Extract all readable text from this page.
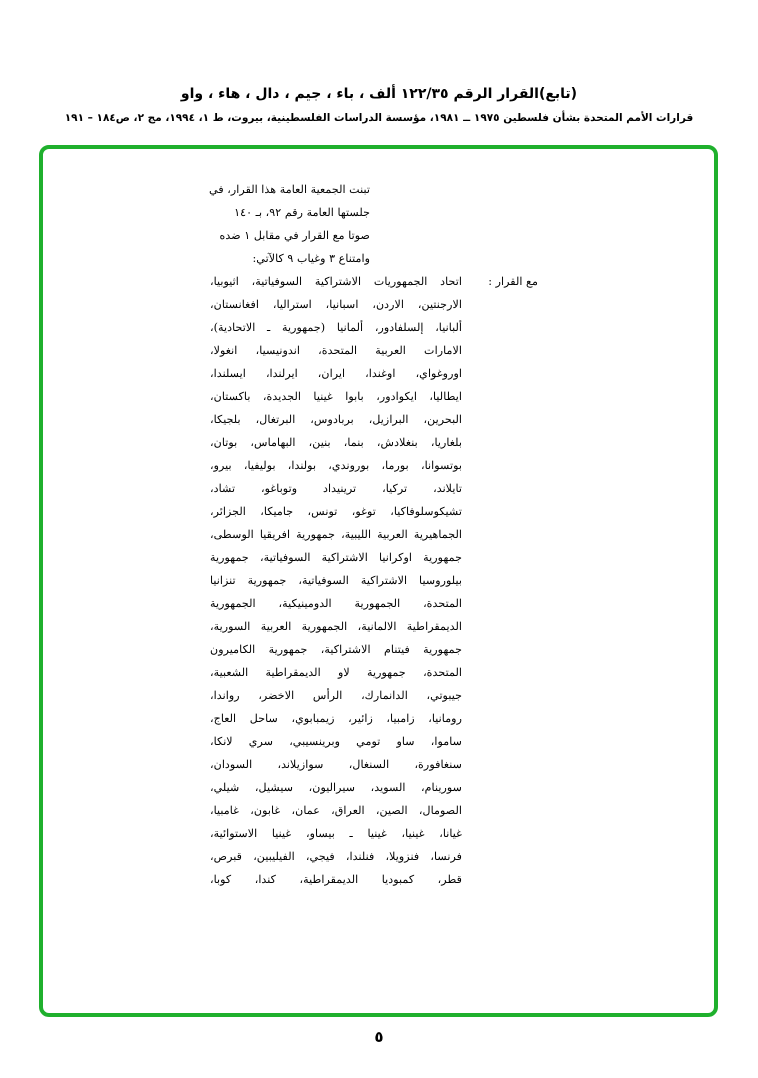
(تابع)القرار الرقم ١٢٢/٣٥ ألف ، باء ، جيم ، دال ، هاء ، واو
قرارات الأمم المتحدة بشأن فلسطين ١٩٧٥ ــ ١٩٨١، مؤسسة الدراسات الفلسطينية، بيروت، ط ١، ١٩٩٤، مج ٢، ص١٨٤ – ١٩١
تبنت الجمعية العامة هذا القرار، في
جلستها العامة رقم ٩٢، بـ ١٤٠
صوتا مع القرار في مقابل ١ ضده
وامتناع ٣ وغياب ٩ كالآتي:
مع القرار :
اتحاد الجمهوريات الاشتراكية السوفياتية، اثيوبيا،
الارجنتين، الاردن، اسبانيا، استراليا، افغانستان،
ألبانيا، إلسلفادور، ألمانيا (جمهورية ـ الاتحادية)،
الامارات العربية المتحدة، اندونيسيا، انغولا،
اوروغواي، اوغندا، ايران، ايرلندا، ايسلندا،
ايطاليا، ايكوادور، بابوا غينيا الجديدة، باكستان،
البحرين، البرازيل، بربادوس، البرتغال، بلجيكا،
بلغاريا، بنغلادش، بنما، بنين، البهاماس، بوتان،
بوتسوانا، بورما، بوروندي، بولندا، بوليفيا، بيرو،
تايلاند، تركيا، ترينيداد وتوباغو، تشاد،
تشيكوسلوفاكيا، توغو، تونس، جاميكا، الجزائر،
الجماهيرية العربية الليبية، جمهورية افريقيا الوسطى،
جمهورية اوكرانيا الاشتراكية السوفياتية، جمهورية
بيلوروسيا الاشتراكية السوفياتية، جمهورية تنزانيا
المتحدة، الجمهورية الدومينيكية، الجمهورية
الديمقراطية الالمانية، الجمهورية العربية السورية،
جمهورية فيتنام الاشتراكية، جمهورية الكاميرون
المتحدة، جمهورية لاو الديمقراطية الشعبية،
جيبوتي، الدانمارك، الرأس الاخضر، رواندا،
رومانيا، زامبيا، زائير، زيمبابوي، ساحل العاج،
ساموا، ساو تومي وبرينسيبي، سري لانكا،
سنغافورة، السنغال، سوازيلاند، السودان،
سورينام، السويد، سيراليون، سيشيل، شيلي،
الصومال، الصين، العراق، عمان، غابون، غامبيا،
غيانا، غينيا، غينيا ـ بيساو، غينيا الاستوائية،
فرنسا، فنزويلا، فنلندا، فيجي، الفيليبين، قبرص،
قطر، كمبوديا الديمقراطية، كندا، كوبا،
٥
